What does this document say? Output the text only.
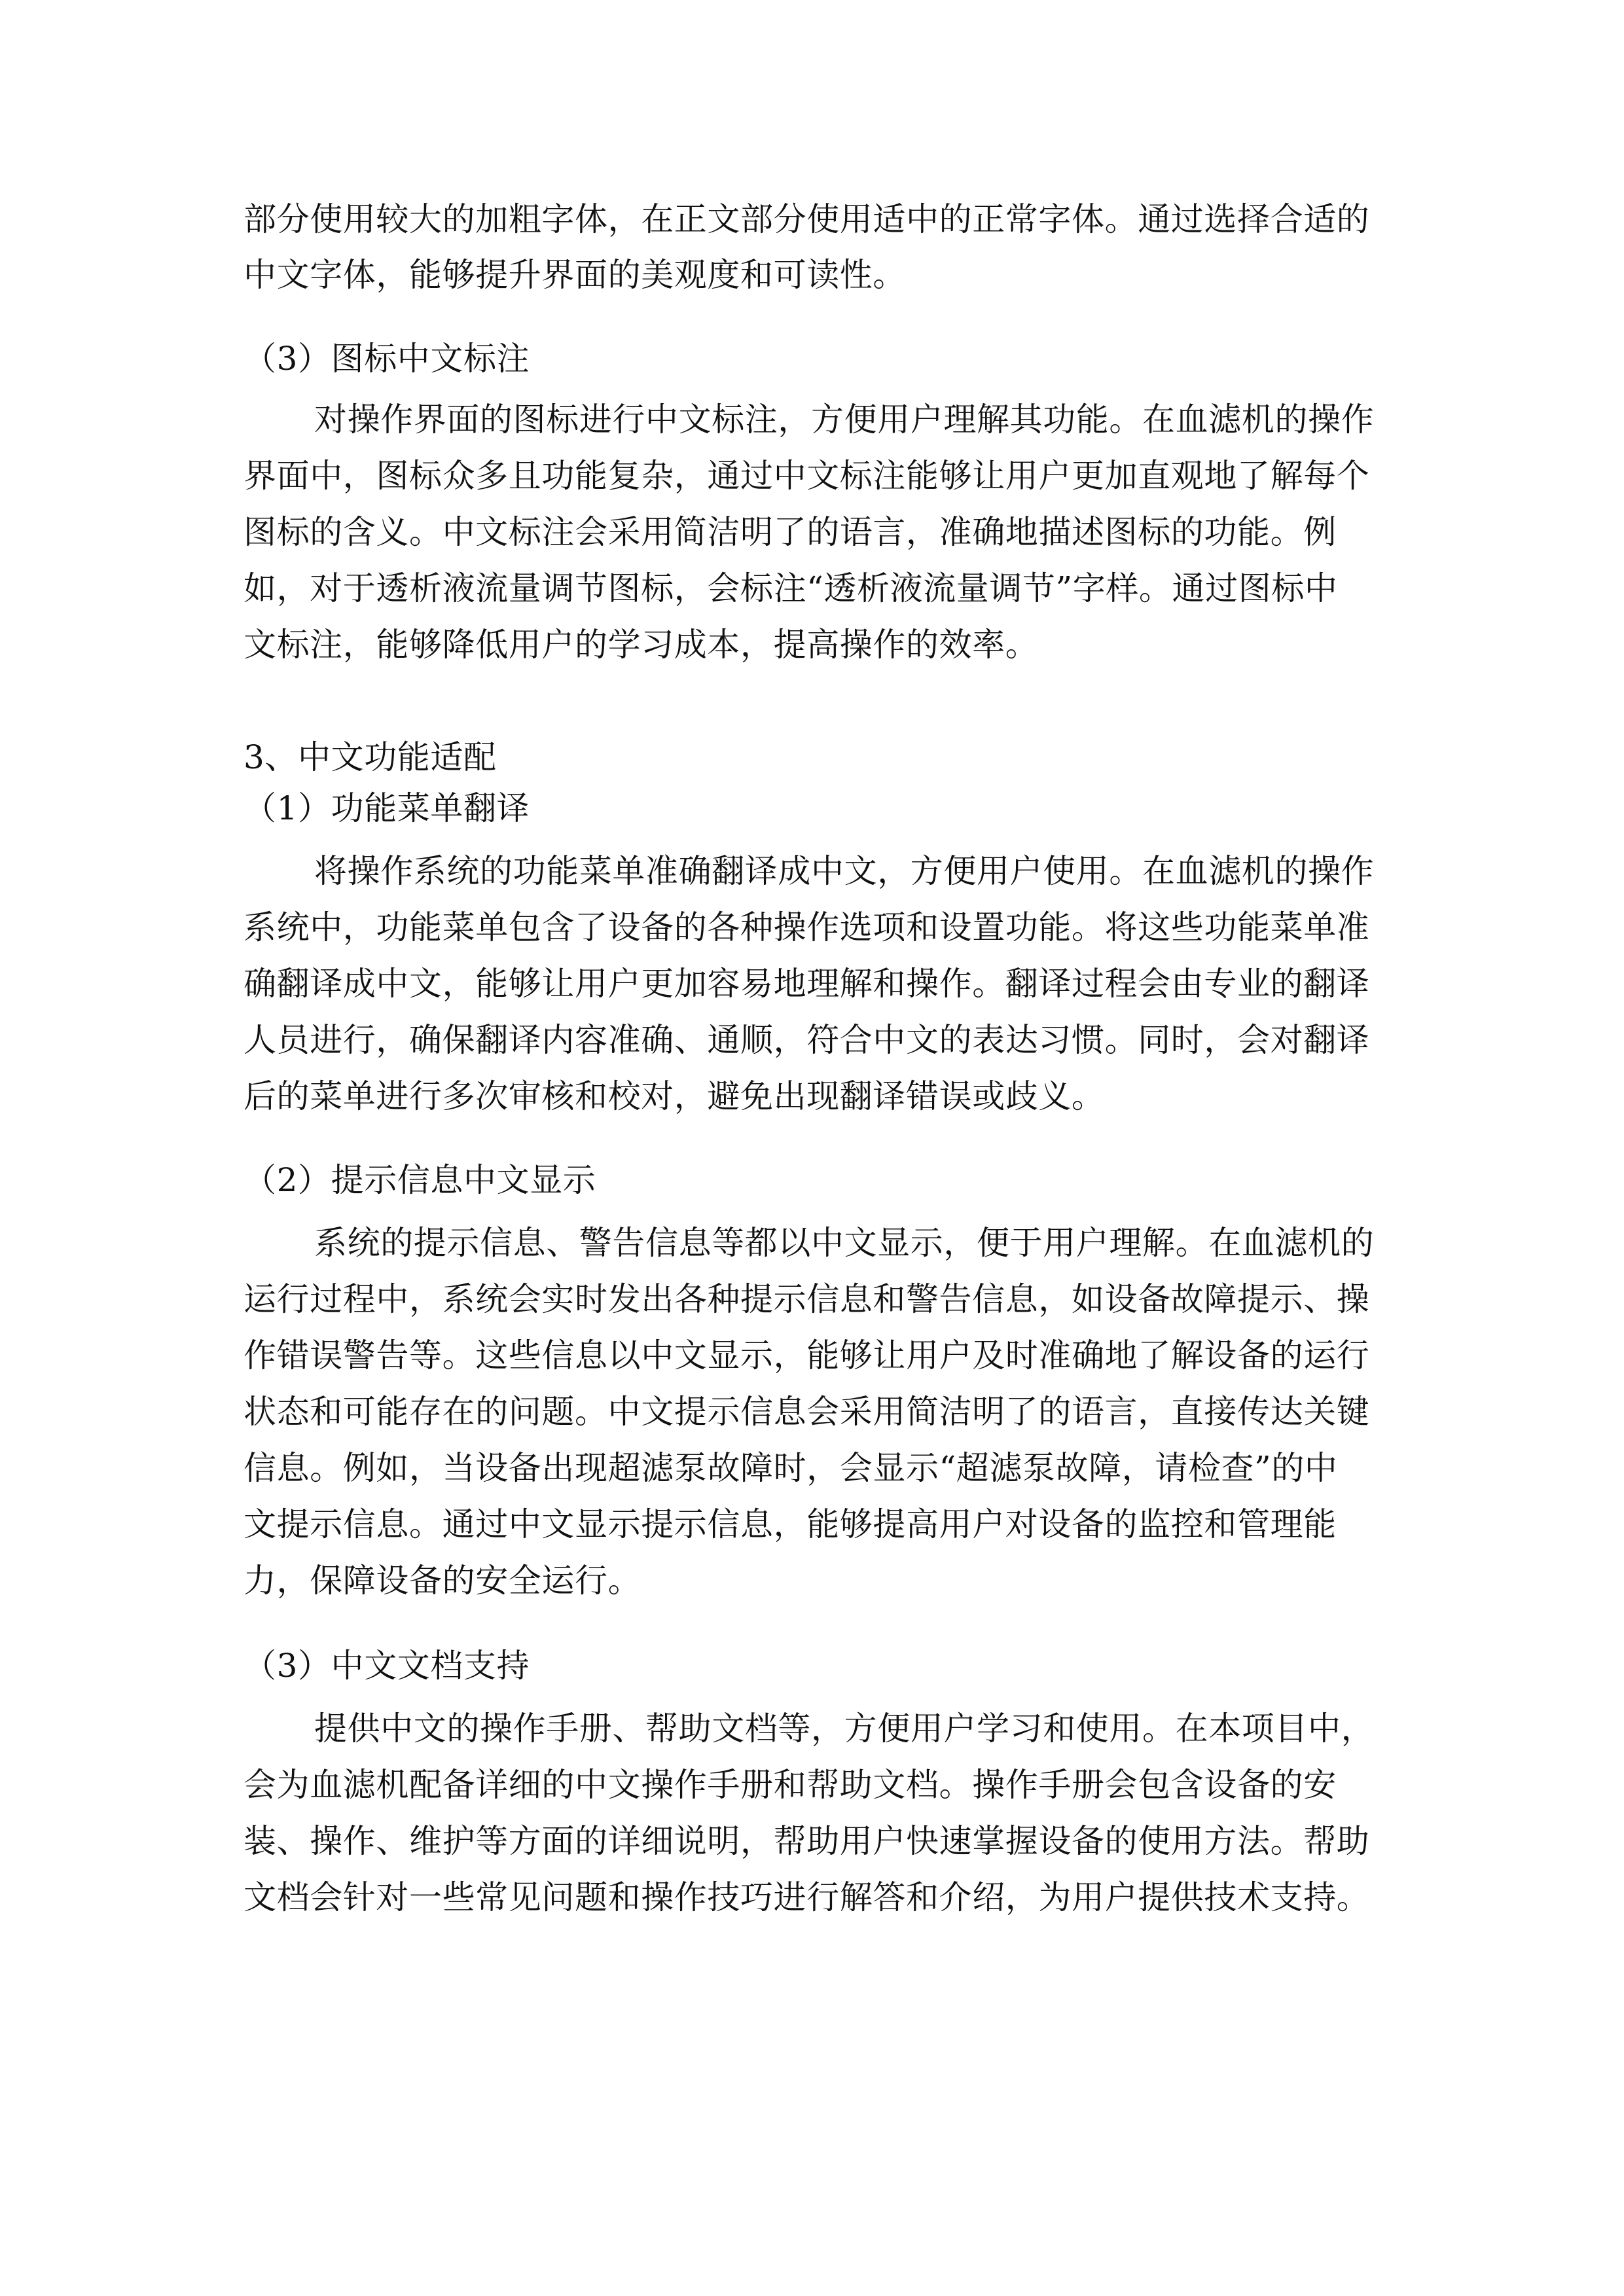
部分使用较大的加粗字体，在正文部分使用适中的正常字体。通过选择合适的
中文字体，能够提升界面的美观度和可读性。
（3）图标中文标注
对操作界面的图标进行中文标注，方便用户理解其功能。在血滤机的操作
界面中，图标众多且功能复杂，通过中文标注能够让用户更加直观地了解每个
图标的含义。中文标注会采用简洁明了的语言，准确地描述图标的功能。例
如，对于透析液流量调节图标，会标注“透析液流量调节”字样。通过图标中
文标注，能够降低用户的学习成本，提高操作的效率。
3、中文功能适配
（1）功能菜单翻译
将操作系统的功能菜单准确翻译成中文，方便用户使用。在血滤机的操作
系统中，功能菜单包含了设备的各种操作选项和设置功能。将这些功能菜单准
确翻译成中文，能够让用户更加容易地理解和操作。翻译过程会由专业的翻译
人员进行，确保翻译内容准确、通顺，符合中文的表达习惯。同时，会对翻译
后的菜单进行多次审核和校对，避免出现翻译错误或歧义。
（2）提示信息中文显示
系统的提示信息、警告信息等都以中文显示，便于用户理解。在血滤机的
运行过程中，系统会实时发出各种提示信息和警告信息，如设备故障提示、操
作错误警告等。这些信息以中文显示，能够让用户及时准确地了解设备的运行
状态和可能存在的问题。中文提示信息会采用简洁明了的语言，直接传达关键
信息。例如，当设备出现超滤泵故障时，会显示“超滤泵故障，请检查”的中
文提示信息。通过中文显示提示信息，能够提高用户对设备的监控和管理能
力，保障设备的安全运行。
（3）中文文档支持
提供中文的操作手册、帮助文档等，方便用户学习和使用。在本项目中，
会为血滤机配备详细的中文操作手册和帮助文档。操作手册会包含设备的安
装、操作、维护等方面的详细说明，帮助用户快速掌握设备的使用方法。帮助
文档会针对一些常见问题和操作技巧进行解答和介绍，为用户提供技术支持。
